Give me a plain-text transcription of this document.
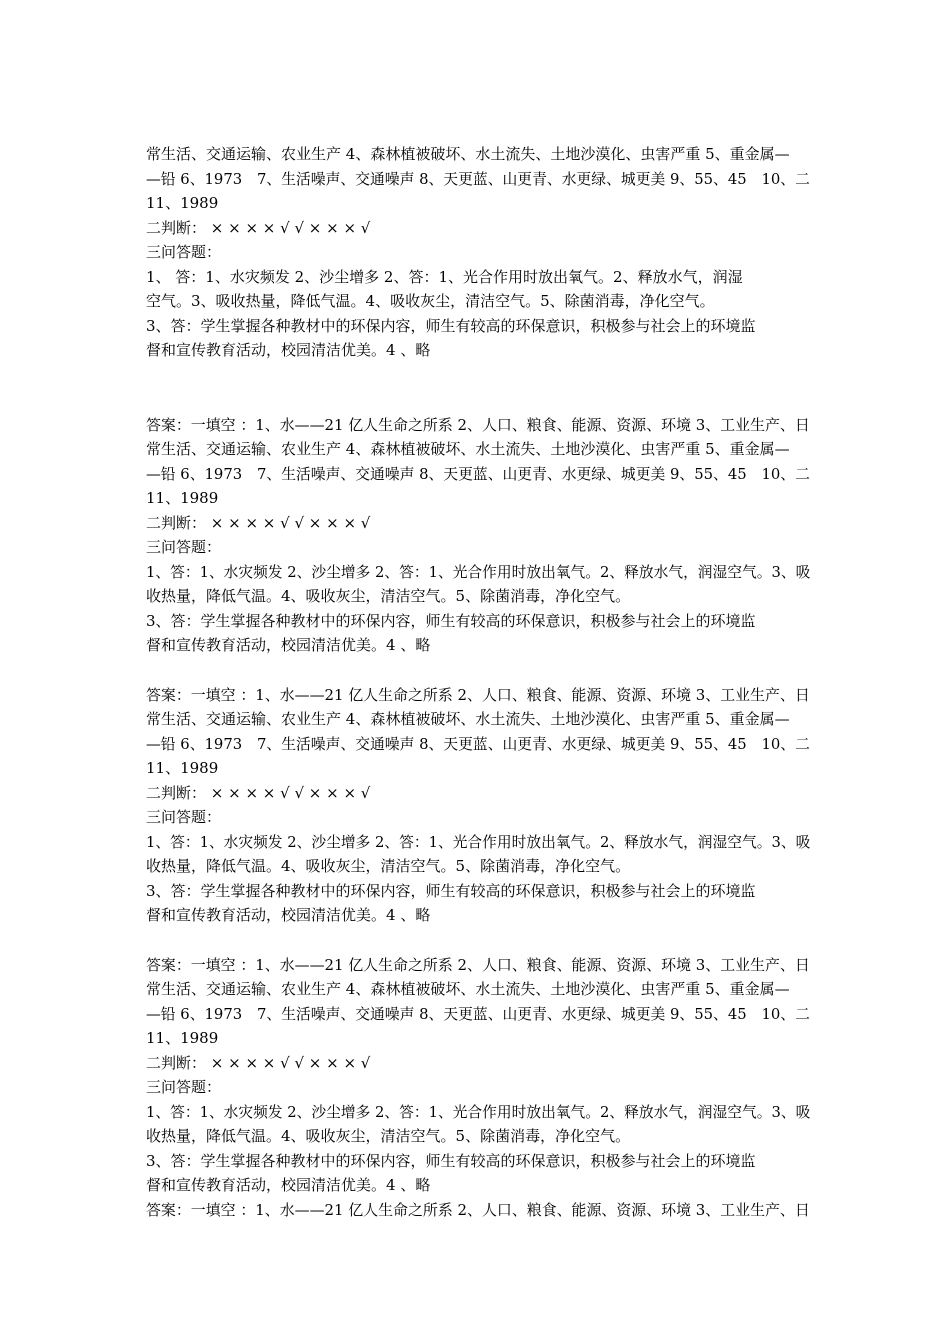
常生活、交通运输、农业生产 4、森林植被破坏、水土流失、土地沙漠化、虫害严重 5、重金属—

—铅 6、1973　7、生活噪声、交通噪声 8、天更蓝、山更青、水更绿、城更美 9、55、45　10、二

11、1989

二判断： × × × × √ √ × × × √

三问答题：

1、 答：1、水灾频发 2、沙尘增多 2、答：1、光合作用时放出氧气。2、释放水气，润湿

空气。3、吸收热量，降低气温。4、吸收灰尘，清洁空气。5、除菌消毒，净化空气。

3、答：学生掌握各种教材中的环保内容，师生有较高的环保意识，积极参与社会上的环境监

督和宣传教育活动，校园清洁优美。4 、略

答案：一填空 ：1、水——21 亿人生命之所系 2、人口、粮食、能源、资源、环境 3、工业生产、日

常生活、交通运输、农业生产 4、森林植被破坏、水土流失、土地沙漠化、虫害严重 5、重金属—

—铅 6、1973　7、生活噪声、交通噪声 8、天更蓝、山更青、水更绿、城更美 9、55、45　10、二

11、1989

二判断： × × × × √ √ × × × √

三问答题：

1、答：1、水灾频发 2、沙尘增多 2、答：1、光合作用时放出氧气。2、释放水气，润湿空气。3、吸

收热量，降低气温。4、吸收灰尘，清洁空气。5、除菌消毒，净化空气。

3、答：学生掌握各种教材中的环保内容，师生有较高的环保意识，积极参与社会上的环境监

督和宣传教育活动，校园清洁优美。4 、略

答案：一填空 ：1、水——21 亿人生命之所系 2、人口、粮食、能源、资源、环境 3、工业生产、日

常生活、交通运输、农业生产 4、森林植被破坏、水土流失、土地沙漠化、虫害严重 5、重金属—

—铅 6、1973　7、生活噪声、交通噪声 8、天更蓝、山更青、水更绿、城更美 9、55、45　10、二

11、1989

二判断： × × × × √ √ × × × √

三问答题：

1、答：1、水灾频发 2、沙尘增多 2、答：1、光合作用时放出氧气。2、释放水气，润湿空气。3、吸

收热量，降低气温。4、吸收灰尘，清洁空气。5、除菌消毒，净化空气。

3、答：学生掌握各种教材中的环保内容，师生有较高的环保意识，积极参与社会上的环境监

督和宣传教育活动，校园清洁优美。4 、略

答案：一填空 ：1、水——21 亿人生命之所系 2、人口、粮食、能源、资源、环境 3、工业生产、日

常生活、交通运输、农业生产 4、森林植被破坏、水土流失、土地沙漠化、虫害严重 5、重金属—

—铅 6、1973　7、生活噪声、交通噪声 8、天更蓝、山更青、水更绿、城更美 9、55、45　10、二

11、1989

二判断： × × × × √ √ × × × √

三问答题：

1、答：1、水灾频发 2、沙尘增多 2、答：1、光合作用时放出氧气。2、释放水气，润湿空气。3、吸

收热量，降低气温。4、吸收灰尘，清洁空气。5、除菌消毒，净化空气。

3、答：学生掌握各种教材中的环保内容，师生有较高的环保意识，积极参与社会上的环境监

督和宣传教育活动，校园清洁优美。4 、略

答案：一填空 ：1、水——21 亿人生命之所系 2、人口、粮食、能源、资源、环境 3、工业生产、日
